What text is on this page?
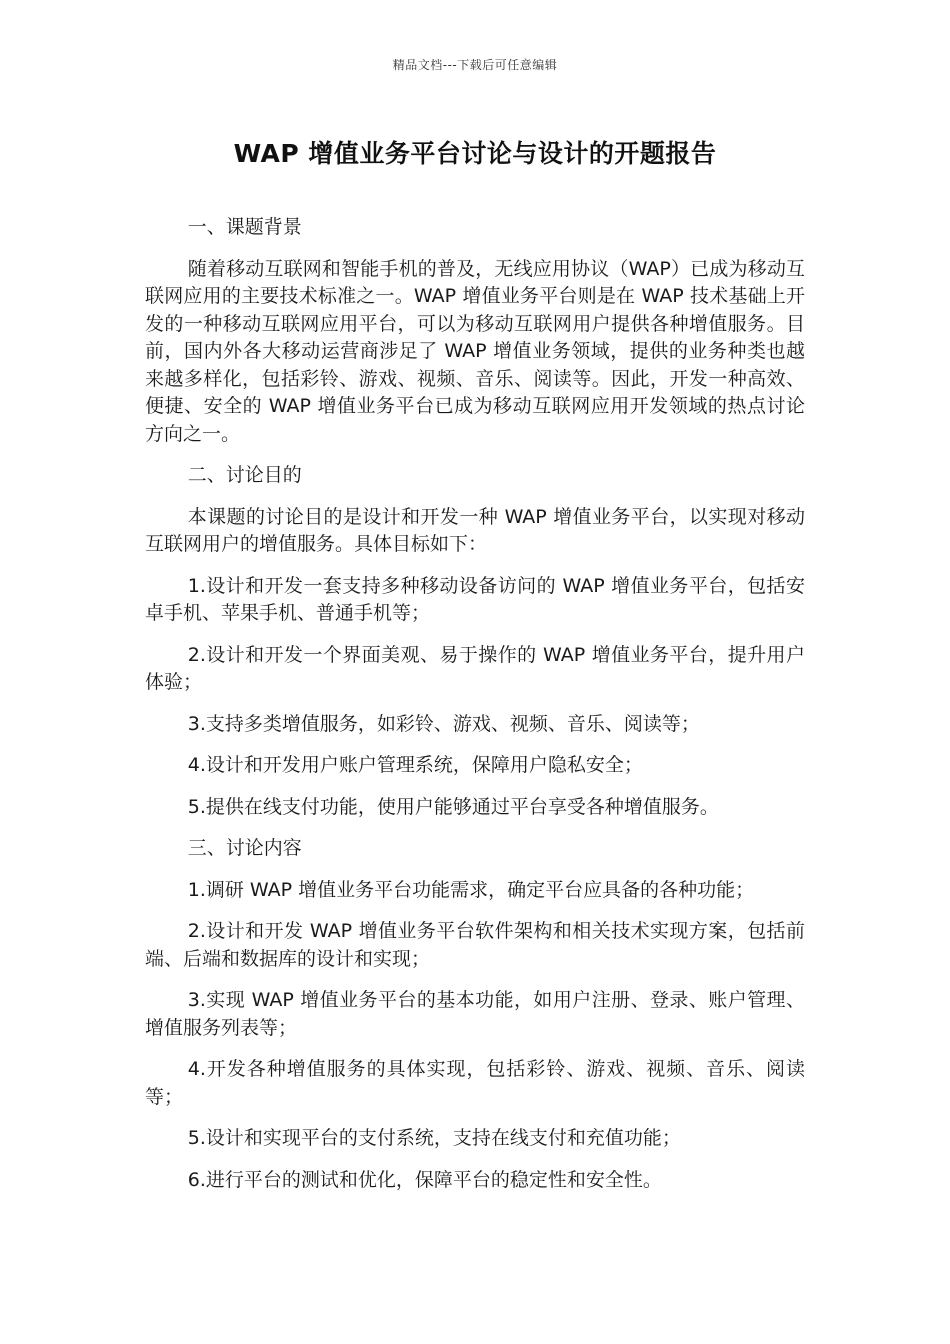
精品文档---下载后可任意编辑
WAP 增值业务平台讨论与设计的开题报告

一、课题背景

随着移动互联网和智能手机的普及，无线应用协议（WAP）已成为移动互联网应用的主要技术标准之一。WAP 增值业务平台则是在 WAP 技术基础上开发的一种移动互联网应用平台，可以为移动互联网用户提供各种增值服务。目前，国内外各大移动运营商涉足了 WAP 增值业务领域，提供的业务种类也越来越多样化，包括彩铃、游戏、视频、音乐、阅读等。因此，开发一种高效、便捷、安全的 WAP 增值业务平台已成为移动互联网应用开发领域的热点讨论方向之一。

二、讨论目的

本课题的讨论目的是设计和开发一种 WAP 增值业务平台，以实现对移动互联网用户的增值服务。具体目标如下：

1.设计和开发一套支持多种移动设备访问的 WAP 增值业务平台，包括安卓手机、苹果手机、普通手机等；

2.设计和开发一个界面美观、易于操作的 WAP 增值业务平台，提升用户体验；

3.支持多类增值服务，如彩铃、游戏、视频、音乐、阅读等；

4.设计和开发用户账户管理系统，保障用户隐私安全；

5.提供在线支付功能，使用户能够通过平台享受各种增值服务。

三、讨论内容

1.调研 WAP 增值业务平台功能需求，确定平台应具备的各种功能；

2.设计和开发 WAP 增值业务平台软件架构和相关技术实现方案，包括前端、后端和数据库的设计和实现；

3.实现 WAP 增值业务平台的基本功能，如用户注册、登录、账户管理、增值服务列表等；

4.开发各种增值服务的具体实现，包括彩铃、游戏、视频、音乐、阅读等；

5.设计和实现平台的支付系统，支持在线支付和充值功能；

6.进行平台的测试和优化，保障平台的稳定性和安全性。
